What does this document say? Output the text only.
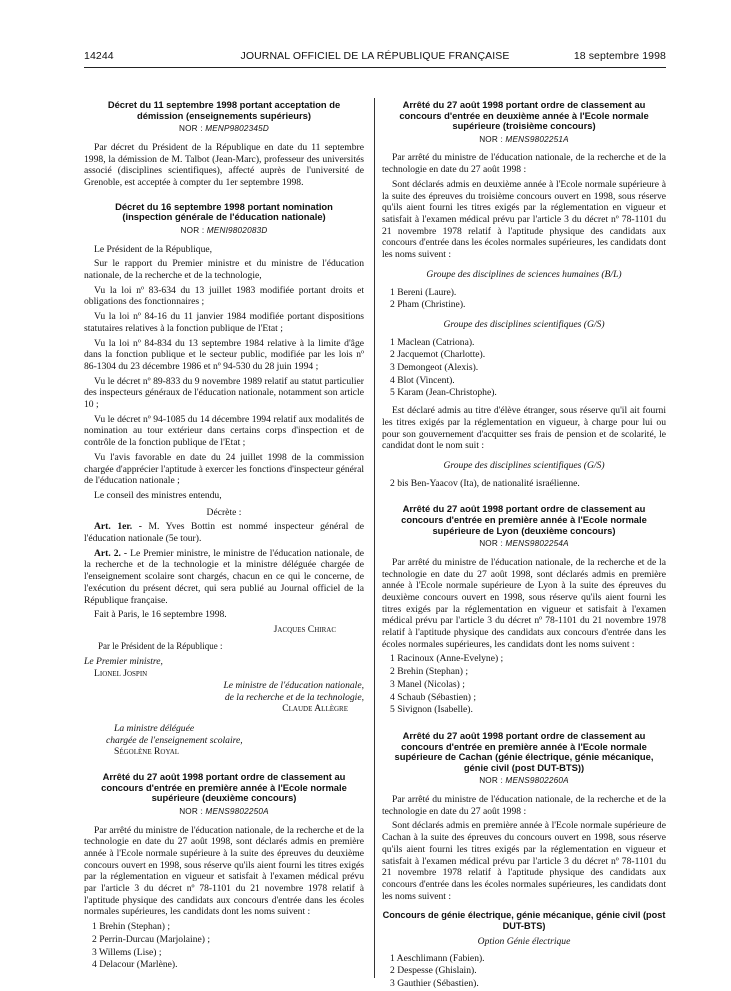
14244	JOURNAL OFFICIEL DE LA RÉPUBLIQUE FRANÇAISE	18 septembre 1998
Décret du 11 septembre 1998 portant acceptation de démission (enseignements supérieurs)
NOR : MENP9802345D

Par décret du Président de la République en date du 11 septembre 1998, la démission de M. Talbot (Jean-Marc), professeur des universités associé (disciplines scientifiques), affecté auprès de l'université de Grenoble, est acceptée à compter du 1er septembre 1998.

Décret du 16 septembre 1998 portant nomination (inspection générale de l'éducation nationale)
NOR : MENI9802083D

Le Président de la République,

Sur le rapport du Premier ministre et du ministre de l'éducation nationale, de la recherche et de la technologie,

Vu la loi nº 83-634 du 13 juillet 1983 modifiée portant droits et obligations des fonctionnaires ;

Vu la loi nº 84-16 du 11 janvier 1984 modifiée portant dispositions statutaires relatives à la fonction publique de l'Etat ;

Vu la loi nº 84-834 du 13 septembre 1984 relative à la limite d'âge dans la fonction publique et le secteur public, modifiée par les lois nº 86-1304 du 23 décembre 1986 et nº 94-530 du 28 juin 1994 ;

Vu le décret nº 89-833 du 9 novembre 1989 relatif au statut particulier des inspecteurs généraux de l'éducation nationale, notamment son article 10 ;

Vu le décret nº 94-1085 du 14 décembre 1994 relatif aux modalités de nomination au tour extérieur dans certains corps d'inspection et de contrôle de la fonction publique de l'Etat ;

Vu l'avis favorable en date du 24 juillet 1998 de la commission chargée d'apprécier l'aptitude à exercer les fonctions d'inspecteur général de l'éducation nationale ;

Le conseil des ministres entendu,

Décrète :

Art. 1er. - M. Yves Bottin est nommé inspecteur général de l'éducation nationale (5e tour).

Art. 2. - Le Premier ministre, le ministre de l'éducation nationale, de la recherche et de la technologie et la ministre déléguée chargée de l'enseignement scolaire sont chargés, chacun en ce qui le concerne, de l'exécution du présent décret, qui sera publié au Journal officiel de la République française.

Fait à Paris, le 16 septembre 1998.

Jacques Chirac
Par le Président de la République :
Le Premier ministre,
Lionel Jospin
Le ministre de l'éducation nationale,
de la recherche et de la technologie,
Claude Allègre
La ministre déléguée
chargée de l'enseignement scolaire,
Ségolène Royal
Arrêté du 27 août 1998 portant ordre de classement au concours d'entrée en première année à l'Ecole normale supérieure (deuxième concours)
NOR : MENS9802250A

Par arrêté du ministre de l'éducation nationale, de la recherche et de la technologie en date du 27 août 1998, sont déclarés admis en première année à l'Ecole normale supérieure à la suite des épreuves du deuxième concours ouvert en 1998, sous réserve qu'ils aient fourni les titres exigés par la réglementation en vigueur et satisfait à l'examen médical prévu par l'article 3 du décret nº 78-1101 du 21 novembre 1978 relatif à l'aptitude physique des candidats aux concours d'entrée dans les écoles normales supérieures, les candidats dont les noms suivent :

1 Brehin (Stephan) ;
2 Perrin-Durcau (Marjolaine) ;
3 Willems (Lise) ;
4 Delacour (Marlène).
Arrêté du 27 août 1998 portant ordre de classement au concours d'entrée en deuxième année à l'Ecole normale supérieure (troisième concours)
NOR : MENS9802251A

Par arrêté du ministre de l'éducation nationale, de la recherche et de la technologie en date du 27 août 1998 :

Sont déclarés admis en deuxième année à l'Ecole normale supérieure à la suite des épreuves du troisième concours ouvert en 1998, sous réserve qu'ils aient fourni les titres exigés par la réglementation en vigueur et satisfait à l'examen médical prévu par l'article 3 du décret nº 78-1101 du 21 novembre 1978 relatif à l'aptitude physique des candidats aux concours d'entrée dans les écoles normales supérieures, les candidats dont les noms suivent :

Groupe des disciplines de sciences humaines (B/L)
1 Bereni (Laure).
2 Pham (Christine).
Groupe des disciplines scientifiques (G/S)
1 Maclean (Catriona).
2 Jacquemot (Charlotte).
3 Demongeot (Alexis).
4 Blot (Vincent).
5 Karam (Jean-Christophe).

Est déclaré admis au titre d'élève étranger, sous réserve qu'il ait fourni les titres exigés par la réglementation en vigueur, à charge pour lui ou pour son gouvernement d'acquitter ses frais de pension et de scolarité, le candidat dont le nom suit :

Groupe des disciplines scientifiques (G/S)
2 bis Ben-Yaacov (Ita), de nationalité israélienne.
Arrêté du 27 août 1998 portant ordre de classement au concours d'entrée en première année à l'Ecole normale supérieure de Lyon (deuxième concours)
NOR : MENS9802254A

Par arrêté du ministre de l'éducation nationale, de la recherche et de la technologie en date du 27 août 1998, sont déclarés admis en première année à l'Ecole normale supérieure de Lyon à la suite des épreuves du deuxième concours ouvert en 1998, sous réserve qu'ils aient fourni les titres exigés par la réglementation en vigueur et satisfait à l'examen médical prévu par l'article 3 du décret nº 78-1101 du 21 novembre 1978 relatif à l'aptitude physique des candidats aux concours d'entrée dans les écoles normales supérieures, les candidats dont les noms suivent :

1 Racinoux (Anne-Evelyne) ;
2 Brehin (Stephan) ;
3 Manel (Nicolas) ;
4 Schaub (Sébastien) ;
5 Sivignon (Isabelle).
Arrêté du 27 août 1998 portant ordre de classement au concours d'entrée en première année à l'Ecole normale supérieure de Cachan (génie électrique, génie mécanique, génie civil (post DUT-BTS))
NOR : MENS9802260A

Par arrêté du ministre de l'éducation nationale, de la recherche et de la technologie en date du 27 août 1998 :

Sont déclarés admis en première année à l'Ecole normale supérieure de Cachan à la suite des épreuves du concours ouvert en 1998, sous réserve qu'ils aient fourni les titres exigés par la réglementation en vigueur et satisfait à l'examen médical prévu par l'article 3 du décret nº 78-1101 du 21 novembre 1978 relatif à l'aptitude physique des candidats aux concours d'entrée dans les écoles normales supérieures, les candidats dont les noms suivent :

Concours de génie électrique, génie mécanique, génie civil (post DUT-BTS)
Option Génie électrique
1 Aeschlimann (Fabien).
2 Despesse (Ghislain).
3 Gauthier (Sébastien).
